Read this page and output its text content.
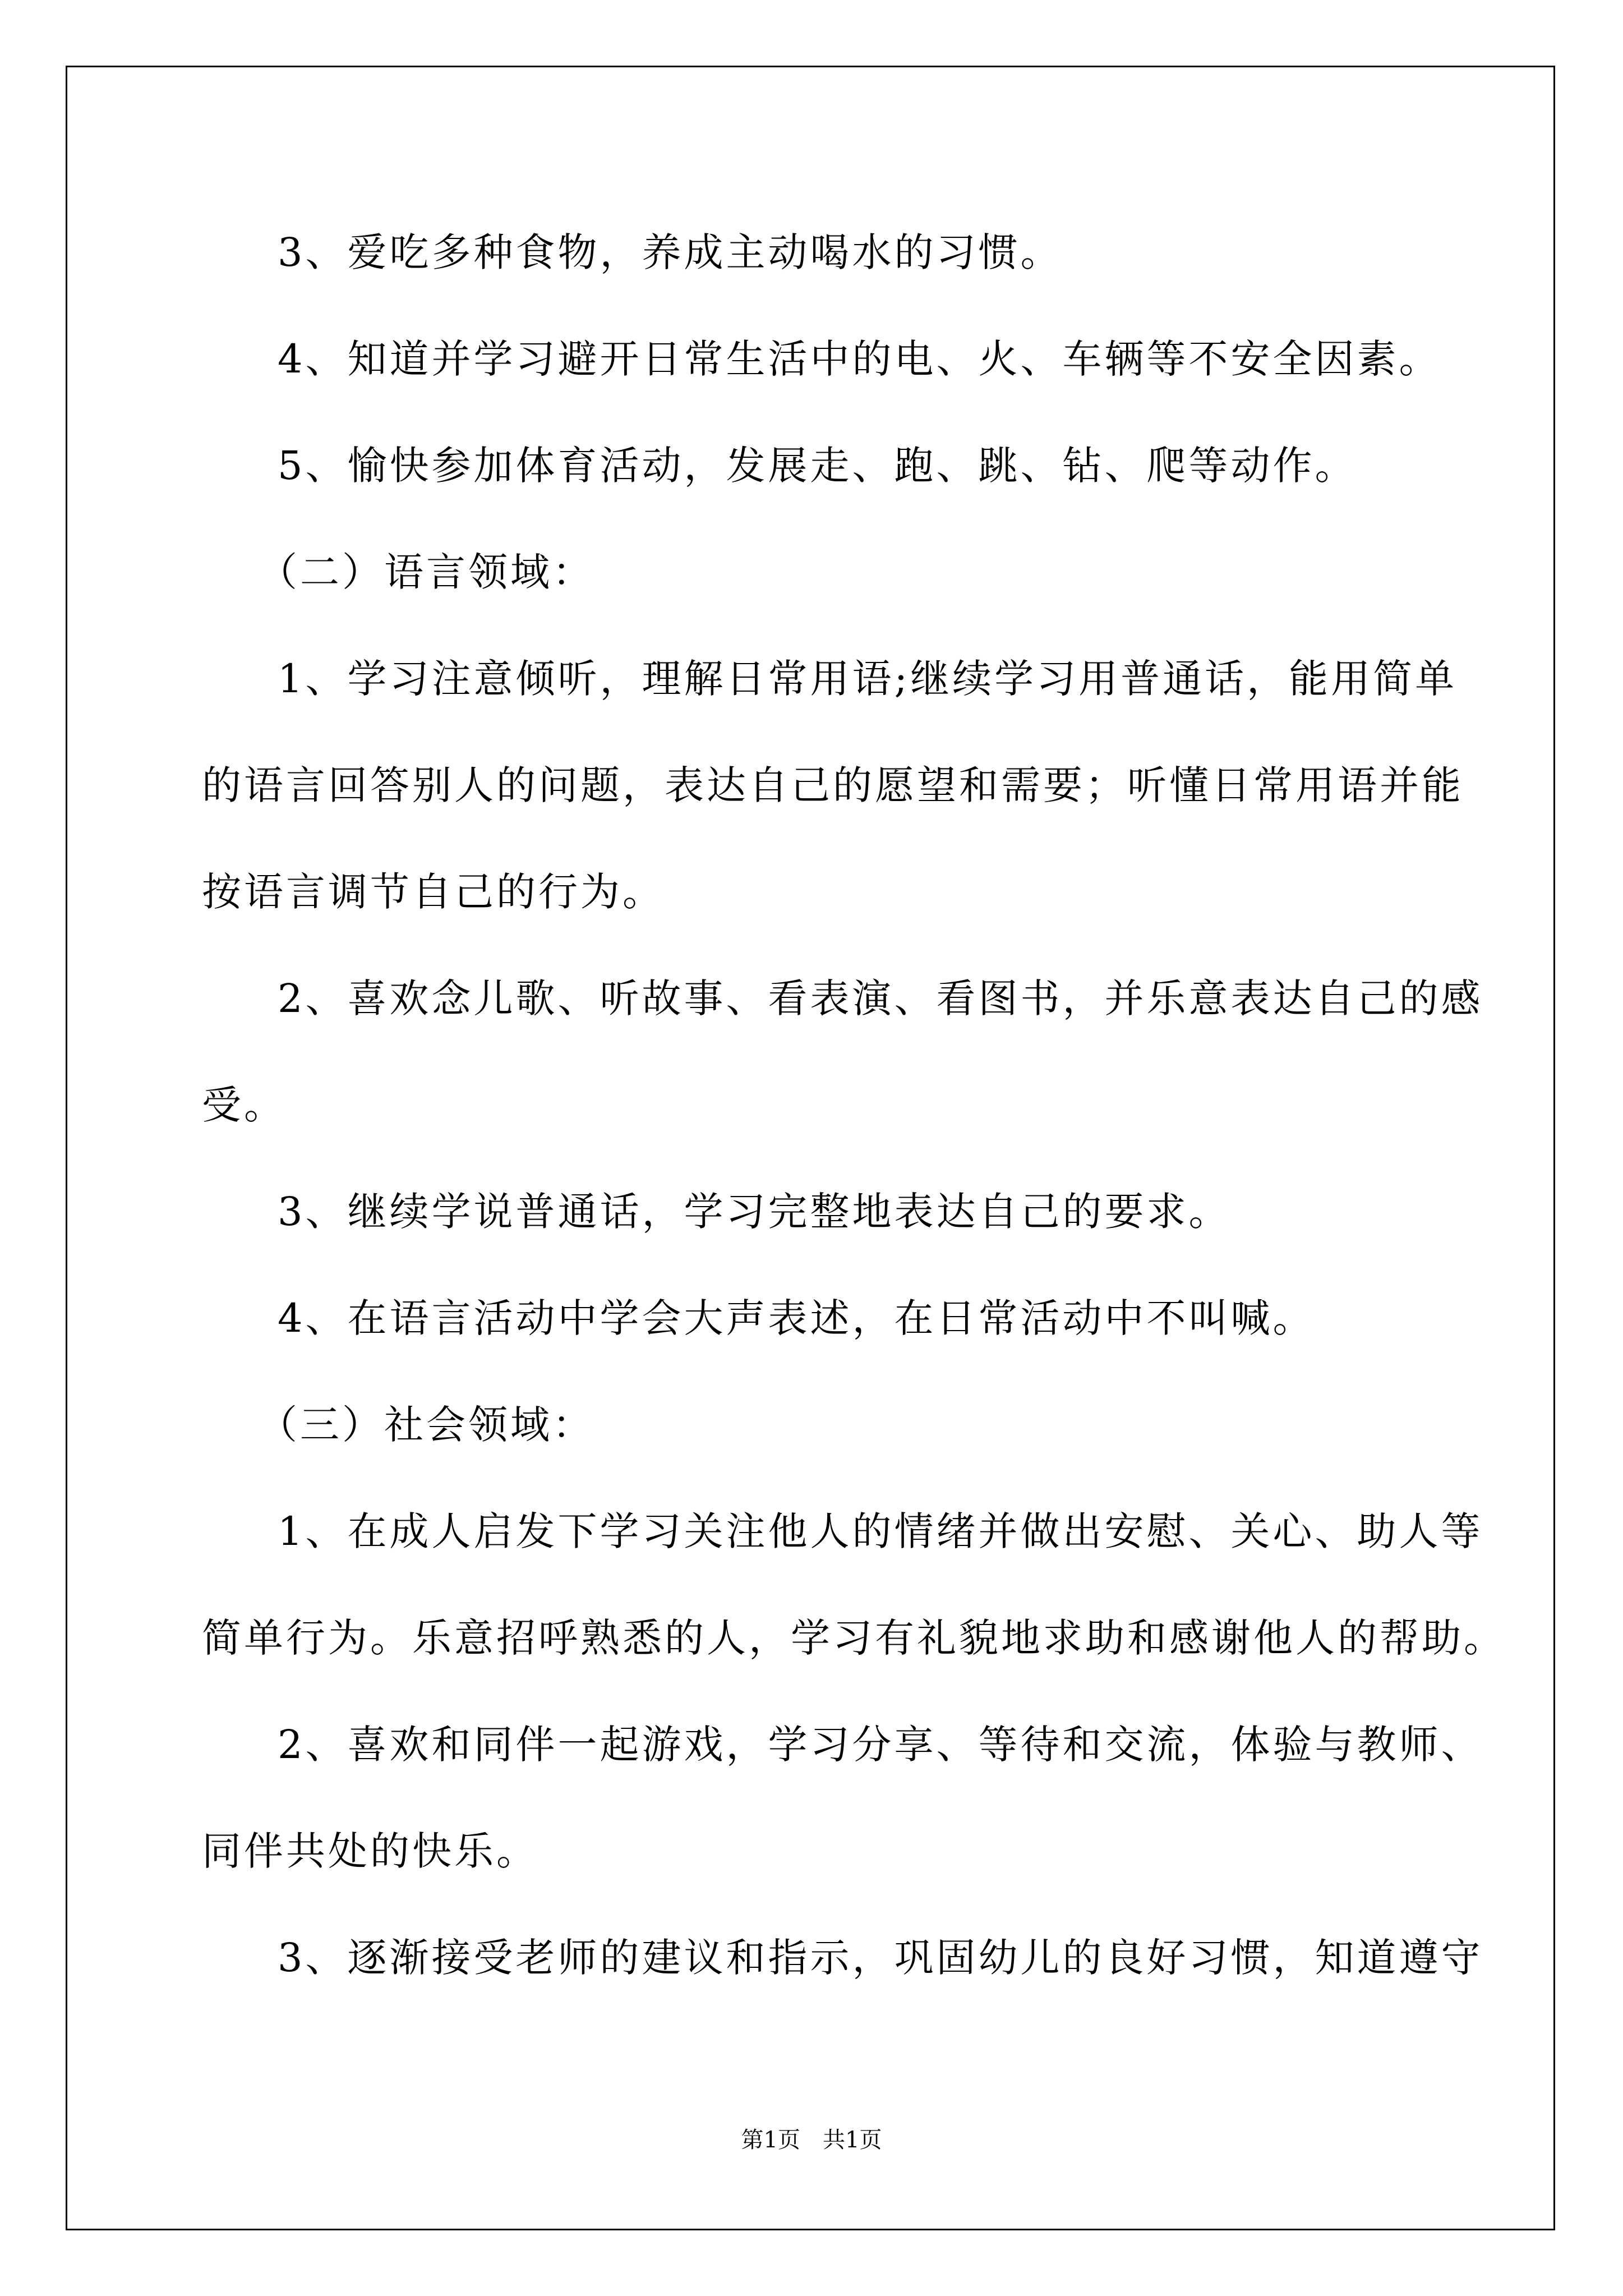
3、爱吃多种食物，养成主动喝水的习惯。
4、知道并学习避开日常生活中的电、火、车辆等不安全因素。
5、愉快参加体育活动，发展走、跑、跳、钻、爬等动作。
（二）语言领域：
1、学习注意倾听，理解日常用语;继续学习用普通话，能用简单
的语言回答别人的问题，表达自己的愿望和需要；听懂日常用语并能
按语言调节自己的行为。
2、喜欢念儿歌、听故事、看表演、看图书，并乐意表达自己的感
受。
3、继续学说普通话，学习完整地表达自己的要求。
4、在语言活动中学会大声表述，在日常活动中不叫喊。
（三）社会领域：
1、在成人启发下学习关注他人的情绪并做出安慰、关心、助人等
简单行为。乐意招呼熟悉的人，学习有礼貌地求助和感谢他人的帮助。
2、喜欢和同伴一起游戏，学习分享、等待和交流，体验与教师、
同伴共处的快乐。
3、逐渐接受老师的建议和指示，巩固幼儿的良好习惯，知道遵守
第1页　共1页
